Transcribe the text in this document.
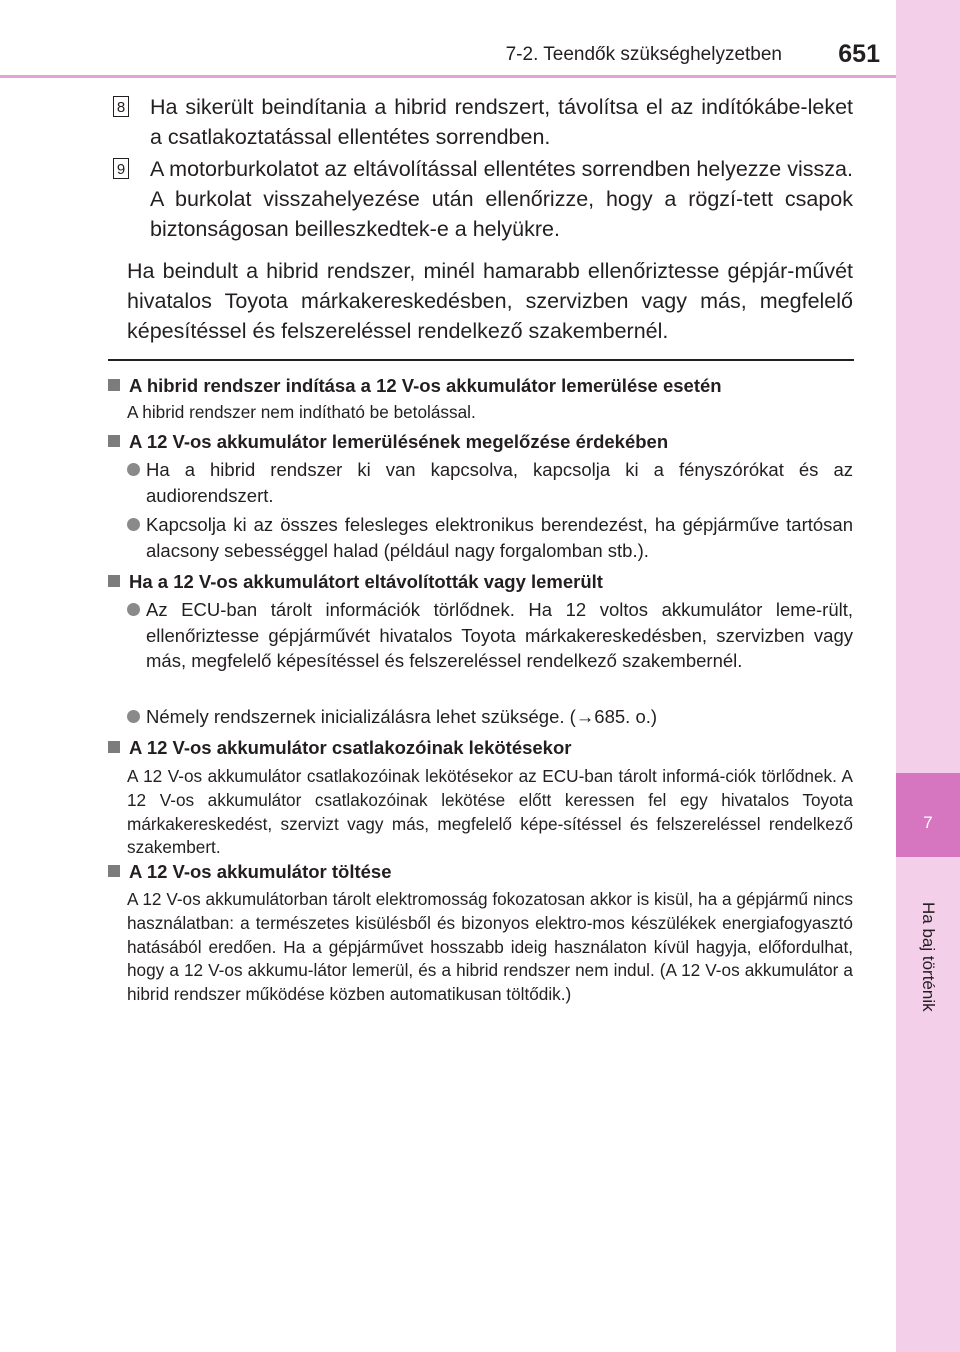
7-2. Teendők szükséghelyzetben	651
7
Ha baj történik
8 Ha sikerült beindítania a hibrid rendszert, távolítsa el az indítókábe-leket a csatlakoztatással ellentétes sorrendben.
9 A motorburkolatot az eltávolítással ellentétes sorrendben helyezze vissza. A burkolat visszahelyezése után ellenőrizze, hogy a rögzí-tett csapok biztonságosan beilleszkedtek-e a helyükre.
Ha beindult a hibrid rendszer, minél hamarabb ellenőriztesse gépjár-művét hivatalos Toyota márkakereskedésben, szervizben vagy más, megfelelő képesítéssel és felszereléssel rendelkező szakembernél.
A hibrid rendszer indítása a 12 V-os akkumulátor lemerülése esetén
A hibrid rendszer nem indítható be betolással.
A 12 V-os akkumulátor lemerülésének megelőzése érdekében
Ha a hibrid rendszer ki van kapcsolva, kapcsolja ki a fényszórókat és az audiorendszert.
Kapcsolja ki az összes felesleges elektronikus berendezést, ha gépjárműve tartósan alacsony sebességgel halad (például nagy forgalomban stb.).
Ha a 12 V-os akkumulátort eltávolították vagy lemerült
Az ECU-ban tárolt információk törlődnek. Ha 12 voltos akkumulátor leme-rült, ellenőriztesse gépjárművét hivatalos Toyota márkakereskedésben, szervizben vagy más, megfelelő képesítéssel és felszereléssel rendelkező szakembernél.
Némely rendszernek inicializálásra lehet szüksége. (→685. o.)
A 12 V-os akkumulátor csatlakozóinak lekötésekor
A 12 V-os akkumulátor csatlakozóinak lekötésekor az ECU-ban tárolt informá-ciók törlődnek. A 12 V-os akkumulátor csatlakozóinak lekötése előtt keressen fel egy hivatalos Toyota márkakereskedést, szervizt vagy más, megfelelő képe-sítéssel és felszereléssel rendelkező szakembert.
A 12 V-os akkumulátor töltése
A 12 V-os akkumulátorban tárolt elektromosság fokozatosan akkor is kisül, ha a gépjármű nincs használatban: a természetes kisülésből és bizonyos elektro-mos készülékek energiafogyasztó hatásából eredően. Ha a gépjárművet hosszabb ideig használaton kívül hagyja, előfordulhat, hogy a 12 V-os akkumu-látor lemerül, és a hibrid rendszer nem indul. (A 12 V-os akkumulátor a hibrid rendszer működése közben automatikusan töltődik.)
